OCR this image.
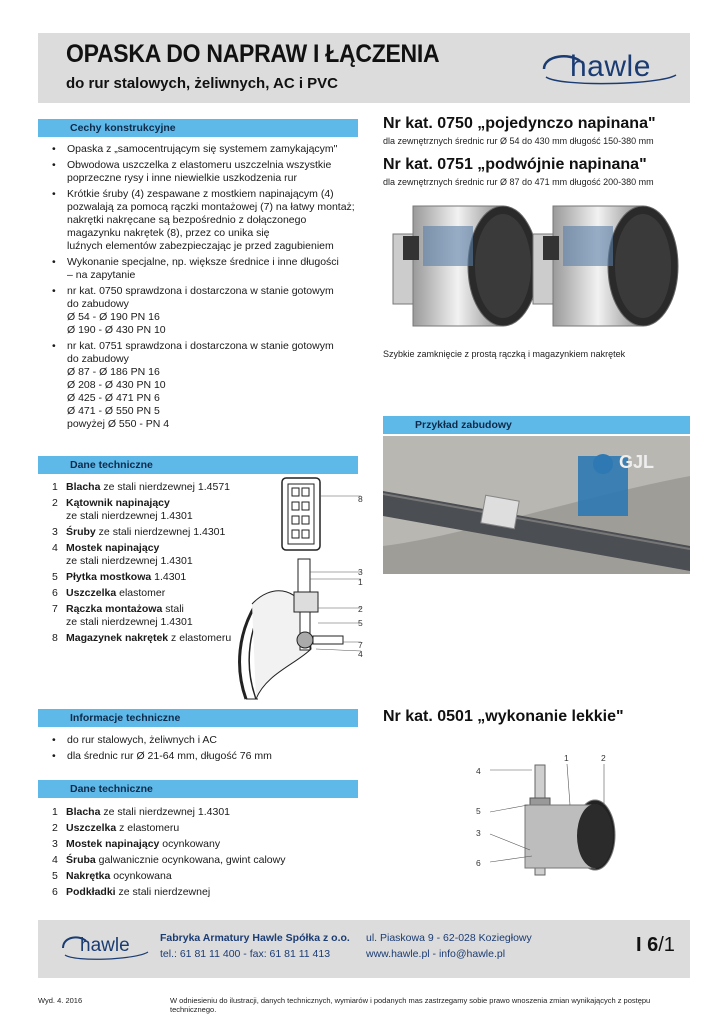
OPASKA DO NAPRAW I ŁĄCZENIA
do rur stalowych, żeliwnych, AC i PVC
hawle
Cechy konstrukcyjne
• Opaska z „samocentrującym się systemem zamykającym"
• Obwodowa uszczelka z elastomeru uszczelnia wszystkie
poprzeczne rysy i inne niewielkie uszkodzenia rur
• Krótkie śruby (4) zespawane z mostkiem napinającym (4)
pozwalają za pomocą rączki montażowej (7) na łatwy montaż;
nakrętki nakręcane są bezpośrednio z dołączonego
magazynku nakrętek (8), przez co unika się
luźnych elementów zabezpieczając je przed zagubieniem
• Wykonanie specjalne, np. większe średnice i inne długości
– na zapytanie
• nr kat. 0750 sprawdzona i dostarczona w stanie gotowym
do zabudowy
Ø 54 - Ø 190 PN 16
Ø 190 - Ø 430 PN 10
• nr kat. 0751 sprawdzona i dostarczona w stanie gotowym
do zabudowy
Ø 87 - Ø 186 PN 16
Ø 208 - Ø 430 PN 10
Ø 425 - Ø 471 PN 6
Ø 471 - Ø 550 PN 5
powyżej Ø 550 - PN 4
Dane techniczne
1 Blacha ze stali nierdzewnej 1.4571
2 Kątownik napinający
ze stali nierdzewnej 1.4301
3 Śruby ze stali nierdzewnej 1.4301
4 Mostek napinający
ze stali nierdzewnej 1.4301
5 Płytka mostkowa 1.4301
6 Uszczelka elastomer
7 Rączka montażowa stali
ze stali nierdzewnej 1.4301
8 Magazynek nakrętek z elastomeru
8
3
1
2
5
7
4
Informacje techniczne
• do rur stalowych, żeliwnych i AC
• dla średnic rur Ø 21-64 mm, długość 76 mm
Dane techniczne
1 Blacha ze stali nierdzewnej 1.4301
2 Uszczelka z elastomeru
3 Mostek napinający ocynkowany
4 Śruba galwanicznie ocynkowana, gwint calowy
5 Nakrętka ocynkowana
6 Podkładki ze stali nierdzewnej
Nr kat. 0750 „pojedynczo napinana"
dla zewnętrznych średnic rur Ø 54 do 430 mm długość 150-380 mm
Nr kat. 0751 „podwójnie napinana"
dla zewnętrznych średnic rur Ø 87 do 471 mm długość 200-380 mm
Szybkie zamknięcie z prostą rączką i magazynkiem nakrętek
Przykład zabudowy
GJL
Nr kat. 0501 „wykonanie lekkie"
1	2
4
5
3
6
hawle	Fabryka Armatury Hawle Spółka z o.o.
tel.: 61 81 11 400 - fax: 61 81 11 413
ul. Piaskowa 9 - 62-028 Koziegłowy
www.hawle.pl - info@hawle.pl	I 6/1
Wyd. 4. 2016	W odniesieniu do ilustracji, danych technicznych, wymiarów i podanych mas zastrzegamy sobie prawo wnoszenia zmian wynikających z postępu technicznego.
